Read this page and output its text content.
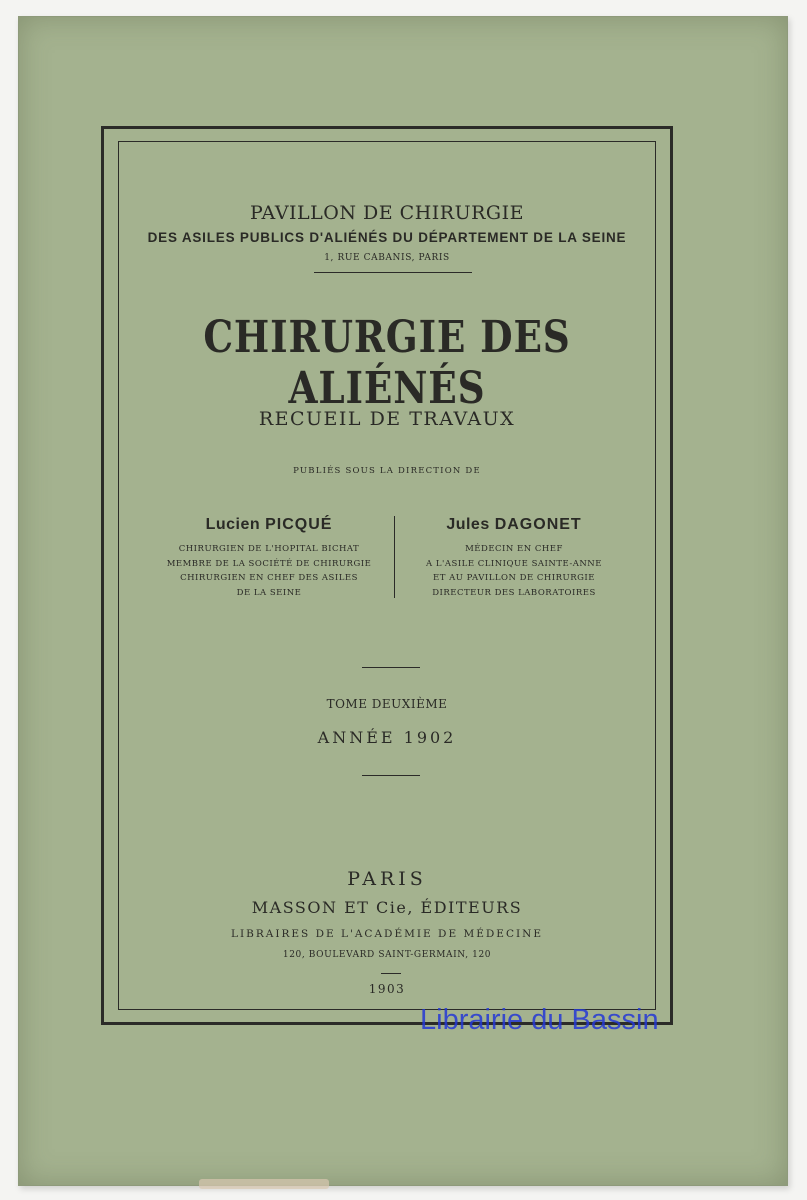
PAVILLON DE CHIRURGIE
DES ASILES PUBLICS D'ALIÉNÉS DU DÉPARTEMENT DE LA SEINE
1, RUE CABANIS, PARIS
CHIRURGIE DES ALIÉNÉS
RECUEIL DE TRAVAUX
PUBLIÉS SOUS LA DIRECTION DE
Lucien PICQUÉ
CHIRURGIEN DE L'HOPITAL BICHAT
MEMBRE DE LA SOCIÉTÉ DE CHIRURGIE
CHIRURGIEN EN CHEF DES ASILES
DE LA SEINE
Jules DAGONET
MÉDECIN EN CHEF
A L'ASILE CLINIQUE SAINTE-ANNE
ET AU PAVILLON DE CHIRURGIE
DIRECTEUR DES LABORATOIRES
TOME DEUXIÈME
ANNÉE 1902
PARIS
MASSON ET Cie, ÉDITEURS
LIBRAIRES DE L'ACADÉMIE DE MÉDECINE
120, BOULEVARD SAINT-GERMAIN, 120
1903
Librairie du Bassin
